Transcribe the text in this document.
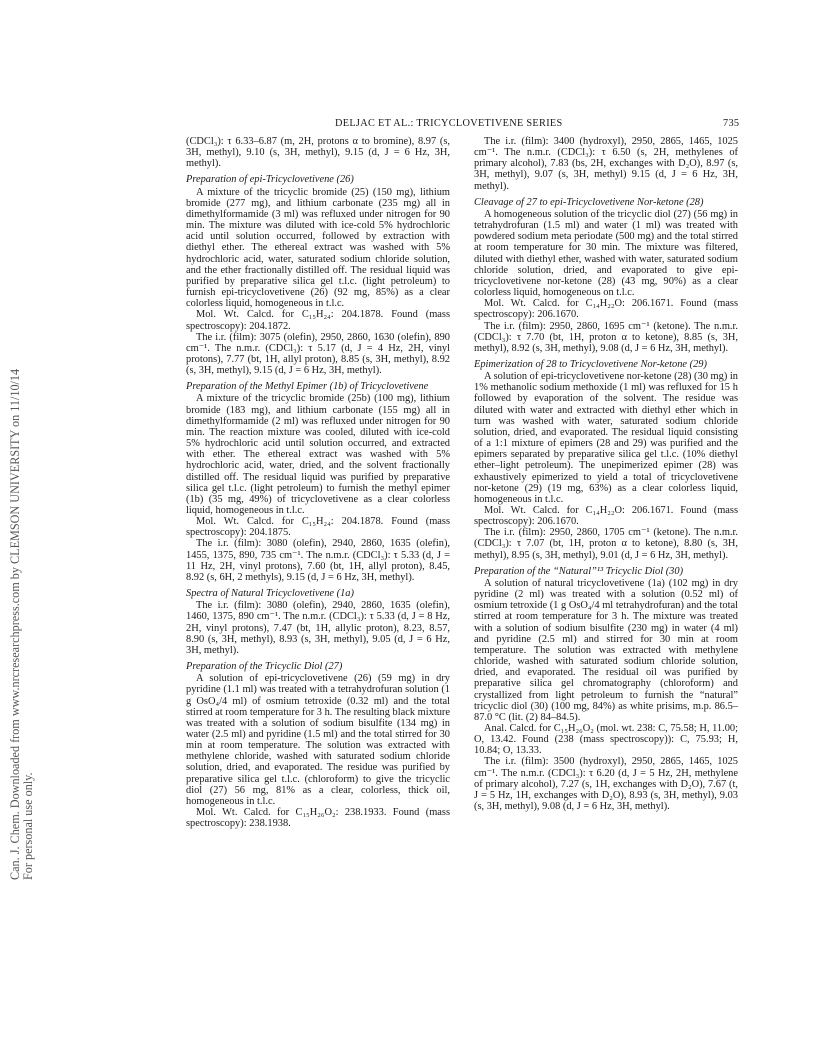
Can. J. Chem. Downloaded from www.nrcresearchpress.com by CLEMSON UNIVERSITY on 11/10/14 For personal use only.
DELJAC ET AL.: TRICYCLOVETIVENE SERIES	735

(CDCl₃): τ 6.33–6.87 (m, 2H, protons α to bromine), 8.97 (s, 3H, methyl), 9.10 (s, 3H, methyl), 9.15 (d, J = 6 Hz, 3H, methyl).

Preparation of epi-Tricyclovetivene (26)

A mixture of the tricyclic bromide (25) (150 mg), lithium bromide (277 mg), and lithium carbonate (235 mg) all in dimethylformamide (3 ml) was refluxed under nitrogen for 90 min. The mixture was diluted with ice-cold 5% hydrochloric acid until solution occurred, followed by extraction with diethyl ether. The ethereal extract was washed with 5% hydrochloric acid, water, saturated sodium chloride solution, and the ether fractionally distilled off. The residual liquid was purified by preparative silica gel t.l.c. (light petroleum) to furnish epi-tricyclovetivene (26) (92 mg, 85%) as a clear colorless liquid, homogeneous in t.l.c.

Mol. Wt. Calcd. for C₁₅H₂₄: 204.1878. Found (mass spectroscopy): 204.1872.

The i.r. (film): 3075 (olefin), 2950, 2860, 1630 (olefin), 890 cm⁻¹. The n.m.r. (CDCl₃): τ 5.17 (d, J = 4 Hz, 2H, vinyl protons), 7.77 (bt, 1H, allyl proton), 8.85 (s, 3H, methyl), 8.92 (s, 3H, methyl), 9.15 (d, J = 6 Hz, 3H, methyl).

Preparation of the Methyl Epimer (1b) of Tricyclovetivene

A mixture of the tricyclic bromide (25b) (100 mg), lithium bromide (183 mg), and lithium carbonate (155 mg) all in dimethylformamide (2 ml) was refluxed under nitrogen for 90 min. The reaction mixture was cooled, diluted with ice-cold 5% hydrochloric acid until solution occurred, and extracted with ether. The ethereal extract was washed with 5% hydrochloric acid, water, dried, and the solvent fractionally distilled off. The residual liquid was purified by preparative silica gel t.l.c. (light petroleum) to furnish the methyl epimer (1b) (35 mg, 49%) of tricyclovetivene as a clear colorless liquid, homogeneous in t.l.c.

Mol. Wt. Calcd. for C₁₅H₂₄: 204.1878. Found (mass spectroscopy): 204.1875.

The i.r. (film): 3080 (olefin), 2940, 2860, 1635 (olefin), 1455, 1375, 890, 735 cm⁻¹. The n.m.r. (CDCl₃): τ 5.33 (d, J = 11 Hz, 2H, vinyl protons), 7.60 (bt, 1H, allyl proton), 8.45, 8.92 (s, 6H, 2 methyls), 9.15 (d, J = 6 Hz, 3H, methyl).

Spectra of Natural Tricyclovetivene (1a)

The i.r. (film): 3080 (olefin), 2940, 2860, 1635 (olefin), 1460, 1375, 890 cm⁻¹. The n.m.r. (CDCl₃): τ 5.33 (d, J = 8 Hz, 2H, vinyl protons), 7.47 (bt, 1H, allylic proton), 8.23, 8.57, 8.90 (s, 3H, methyl), 8.93 (s, 3H, methyl), 9.05 (d, J = 6 Hz, 3H, methyl).

Preparation of the Tricyclic Diol (27)

A solution of epi-tricyclovetivene (26) (59 mg) in dry pyridine (1.1 ml) was treated with a tetrahydrofuran solution (1 g OsO₄/4 ml) of osmium tetroxide (0.32 ml) and the total stirred at room temperature for 3 h. The resulting black mixture was treated with a solution of sodium bisulfite (134 mg) in water (2.5 ml) and pyridine (1.5 ml) and the total stirred for 30 min at room temperature. The solution was extracted with methylene chloride, washed with saturated sodium chloride solution, dried, and evaporated. The residue was purified by preparative silica gel t.l.c. (chloroform) to give the tricyclic diol (27) 56 mg, 81% as a clear, colorless, thick oil, homogeneous in t.l.c.

Mol. Wt. Calcd. for C₁₅H₂₆O₂: 238.1933. Found (mass spectroscopy): 238.1938.

The i.r. (film): 3400 (hydroxyl), 2950, 2865, 1465, 1025 cm⁻¹. The n.m.r. (CDCl₃): τ 6.50 (s, 2H, methylenes of primary alcohol), 7.83 (bs, 2H, exchanges with D₂O), 8.97 (s, 3H, methyl), 9.07 (s, 3H, methyl) 9.15 (d, J = 6 Hz, 3H, methyl).

Cleavage of 27 to epi-Tricyclovetivene Nor-ketone (28)

A homogeneous solution of the tricyclic diol (27) (56 mg) in tetrahydrofuran (1.5 ml) and water (1 ml) was treated with powdered sodium meta periodate (500 mg) and the total stirred at room temperature for 30 min. The mixture was filtered, diluted with diethyl ether, washed with water, saturated sodium chloride solution, dried, and evaporated to give epi-tricyclovetivene nor-ketone (28) (43 mg, 90%) as a clear colorless liquid, homogeneous on t.l.c.

Mol. Wt. Calcd. for C₁₄H₂₂O: 206.1671. Found (mass spectroscopy): 206.1670.

The i.r. (film): 2950, 2860, 1695 cm⁻¹ (ketone). The n.m.r. (CDCl₃): τ 7.70 (bt, 1H, proton α to ketone), 8.85 (s, 3H, methyl), 8.92 (s, 3H, methyl), 9.08 (d, J = 6 Hz, 3H, methyl).

Epimerization of 28 to Tricyclovetivene Nor-ketone (29)

A solution of epi-tricyclovetivene nor-ketone (28) (30 mg) in 1% methanolic sodium methoxide (1 ml) was refluxed for 15 h followed by evaporation of the solvent. The residue was diluted with water and extracted with diethyl ether which in turn was washed with water, saturated sodium chloride solution, dried, and evaporated. The residual liquid consisting of a 1:1 mixture of epimers (28 and 29) was purified and the epimers separated by preparative silica gel t.l.c. (10% diethyl ether–light petroleum). The unepimerized epimer (28) was exhaustively epimerized to yield a total of tricyclovetivene nor-ketone (29) (19 mg, 63%) as a clear colorless liquid, homogeneous in t.l.c.

Mol. Wt. Calcd. for C₁₄H₂₂O: 206.1671. Found (mass spectroscopy): 206.1670.

The i.r. (film): 2950, 2860, 1705 cm⁻¹ (ketone). The n.m.r. (CDCl₃): τ 7.07 (bt, 1H, proton α to ketone), 8.80 (s, 3H, methyl), 8.95 (s, 3H, methyl), 9.01 (d, J = 6 Hz, 3H, methyl).

Preparation of the “Natural”¹³ Tricyclic Diol (30)

A solution of natural tricyclovetivene (1a) (102 mg) in dry pyridine (2 ml) was treated with a solution (0.52 ml) of osmium tetroxide (1 g OsO₄/4 ml tetrahydrofuran) and the total stirred at room temperature for 3 h. The mixture was treated with a solution of sodium bisulfite (230 mg) in water (4 ml) and pyridine (2.5 ml) and stirred for 30 min at room temperature. The solution was extracted with methylene chloride, washed with saturated sodium chloride solution, dried, and evaporated. The residual oil was purified by preparative silica gel chromatography (chloroform) and crystallized from light petroleum to furnish the “natural” tricyclic diol (30) (100 mg, 84%) as white prisims, m.p. 86.5–87.0 °C (lit. (2) 84–84.5).

Anal. Calcd. for C₁₅H₂₆O₂ (mol. wt. 238: C, 75.58; H, 11.00; O, 13.42. Found (238 (mass spectroscopy)): C, 75.93; H, 10.84; O, 13.33.

The i.r. (film): 3500 (hydroxyl), 2950, 2865, 1465, 1025 cm⁻¹. The n.m.r. (CDCl₃): τ 6.20 (d, J = 5 Hz, 2H, methylene of primary alcohol), 7.27 (s, 1H, exchanges with D₂O), 7.67 (t, J = 5 Hz, 1H, exchanges with D₂O), 8.93 (s, 3H, methyl), 9.03 (s, 3H, methyl), 9.08 (d, J = 6 Hz, 3H, methyl).
